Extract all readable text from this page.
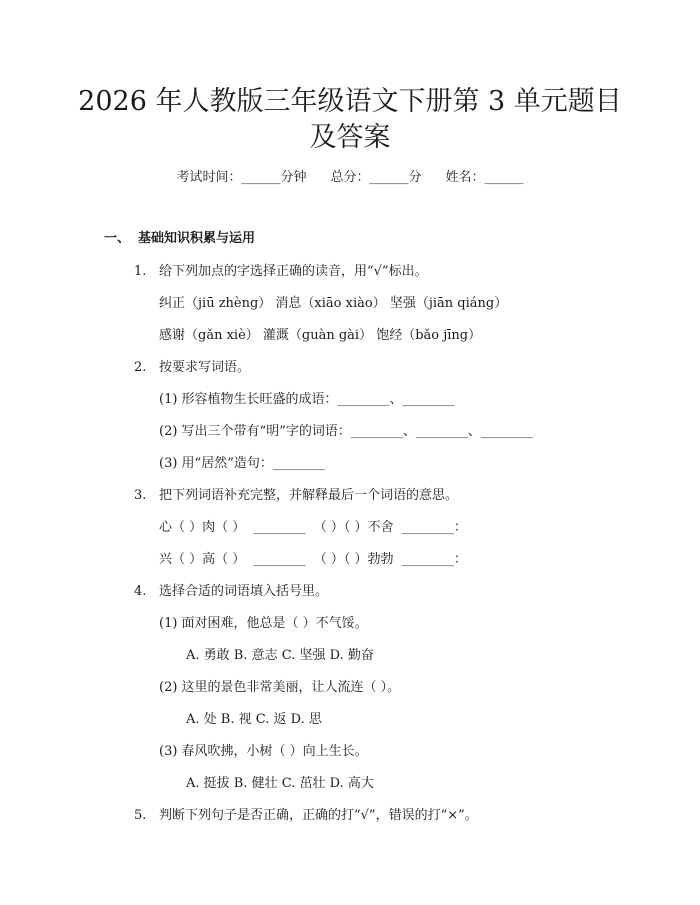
2026 年人教版三年级语文下册第 3 单元题目
及答案
考试时间：______分钟 总分：______分 姓名：______
一、 基础知识积累与运用
1. 给下列加点的字选择正确的读音，用“√”标出。
纠正（jiū zhèng） 消息（xiāo xiào） 坚强（jiān qiáng）
感谢（gǎn xiè） 灌溉（guàn gài） 饱经（bǎo jīng）
2. 按要求写词语。
(1) 形容植物生长旺盛的成语：________、________
(2) 写出三个带有“明”字的词语：________、________、________
(3) 用“居然”造句：________
3. 把下列词语补充完整，并解释最后一个词语的意思。
心（ ）肉（ ）  ________  （ ）（ ）不舍  ________：
兴（ ）高（ ）  ________  （ ）（ ）勃勃  ________：
4. 选择合适的词语填入括号里。
(1) 面对困难，他总是（ ）不气馁。
A. 勇敢 B. 意志 C. 坚强 D. 勤奋
(2) 这里的景色非常美丽，让人流连（ ）。
A. 处 B. 视 C. 返 D. 思
(3) 春风吹拂，小树（ ）向上生长。
A. 挺拔 B. 健壮 C. 茁壮 D. 高大
5. 判断下列句子是否正确，正确的打“√”，错误的打“×”。
